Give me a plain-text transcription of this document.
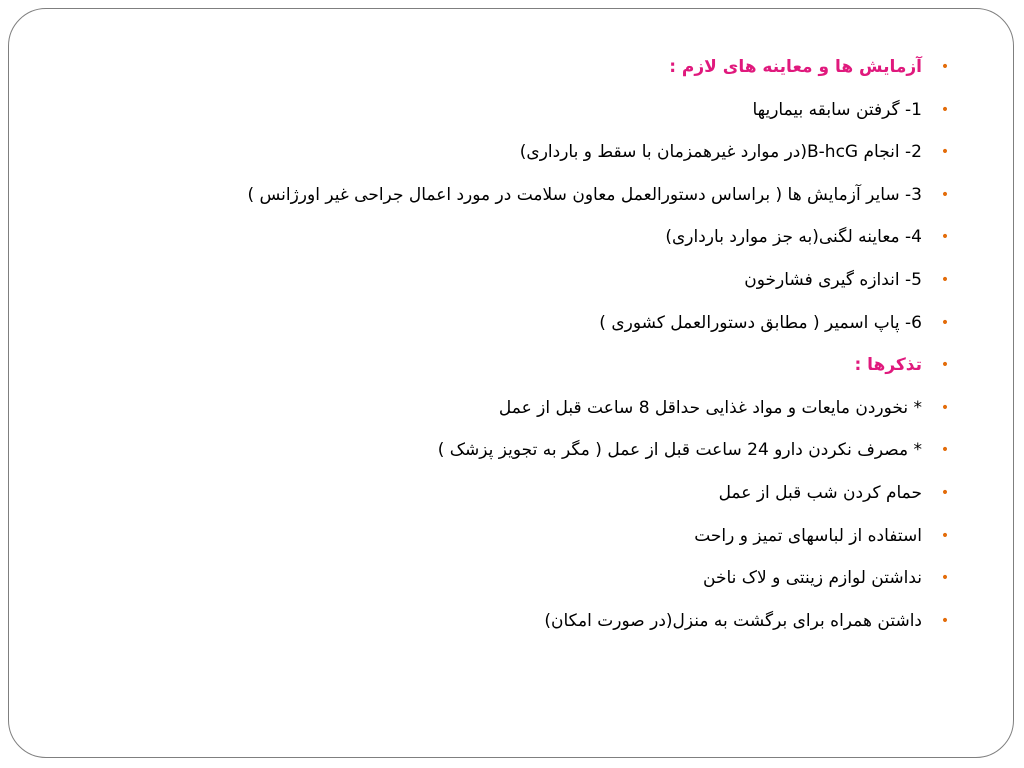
•
آزمایش ها و معاینه های لازم :
•
1- گرفتن سابقه بیماریها
•
2- انجام B-hcG(در موارد غیرهمزمان با سقط و بارداری)
•
3- سایر آزمایش ها ( براساس دستورالعمل معاون سلامت در مورد اعمال جراحی غیر اورژانس )
•
4- معاینه لگنی(به جز موارد بارداری)
•
5- اندازه گیری فشارخون
•
6- پاپ اسمیر ( مطابق دستورالعمل کشوری )
•
تذکرها :
•
* نخوردن مایعات و مواد غذایی حداقل 8 ساعت قبل از عمل
•
* مصرف نکردن دارو 24 ساعت قبل از عمل ( مگر به تجویز پزشک )
•
حمام کردن شب قبل از عمل
•
استفاده از لباسهای تمیز و راحت
•
نداشتن لوازم زینتی و لاک ناخن
•
داشتن همراه برای برگشت به منزل(در صورت امکان)
